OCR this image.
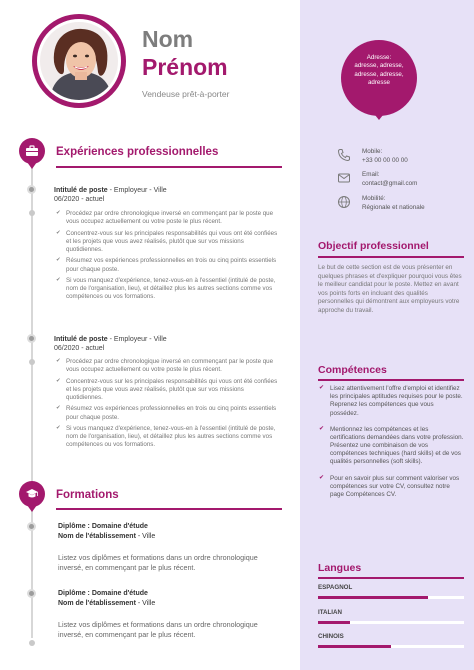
Nom
Prénom
Vendeuse prêt-à-porter
Adresse:
adresse, adresse,
adresse, adresse,
adresse
Expériences professionnelles
Intitulé de poste - Employeur - Ville
06/2020 - actuel
✔ Procédez par ordre chronologique inversé en commençant par le poste que vous occupez actuellement ou votre poste le plus récent.
✔ Concentrez-vous sur les principales responsabilités qui vous ont été confiées et les projets que vous avez réalisés, plutôt que sur vos missions quotidiennes.
✔ Résumez vos expériences professionnelles en trois ou cinq points essentiels pour chaque poste.
✔ Si vous manquez d'expérience, tenez-vous-en à l'essentiel (intitulé de poste, nom de l'organisation, lieu), et détaillez plus les autres sections comme vos compétences ou vos formations.
Intitulé de poste - Employeur - Ville
06/2020 - actuel
✔ Procédez par ordre chronologique inversé en commençant par le poste que vous occupez actuellement ou votre poste le plus récent.
✔ Concentrez-vous sur les principales responsabilités qui vous ont été confiées et les projets que vous avez réalisés, plutôt que sur vos missions quotidiennes.
✔ Résumez vos expériences professionnelles en trois ou cinq points essentiels pour chaque poste.
✔ Si vous manquez d'expérience, tenez-vous-en à l'essentiel (intitulé de poste, nom de l'organisation, lieu), et détaillez plus les autres sections comme vos compétences ou vos formations.
Formations
Diplôme : Domaine d'étude
Nom de l'établissement - Ville
Listez vos diplômes et formations dans un ordre chronologique inversé, en commençant par le plus récent.
Diplôme : Domaine d'étude
Nom de l'établissement - Ville
Listez vos diplômes et formations dans un ordre chronologique inversé, en commençant par le plus récent.
Mobile:
+33 00 00 00 00
Email:
contact@gmail.com
Mobilité:
Régionale et nationale
Objectif professionnel
Le but de cette section est de vous présenter en quelques phrases et d'expliquer pourquoi vous êtes le meilleur candidat pour le poste. Mettez en avant vos points forts en incluant des qualités personnelles qui démontrent aux employeurs votre approche du travail.
Compétences
✔ Lisez attentivement l'offre d'emploi et identifiez les principales aptitudes requises pour le poste. Reprenez les compétences que vous possédez.
✔ Mentionnez les compétences et les certifications demandées dans votre profession. Présentez une combinaison de vos compétences techniques (hard skills) et de vos qualités personnelles (soft skills).
✔ Pour en savoir plus sur comment valoriser vos compétences sur votre CV, consultez notre page Compétences CV.
Langues
ESPAGNOL
ITALIAN
CHINOIS
